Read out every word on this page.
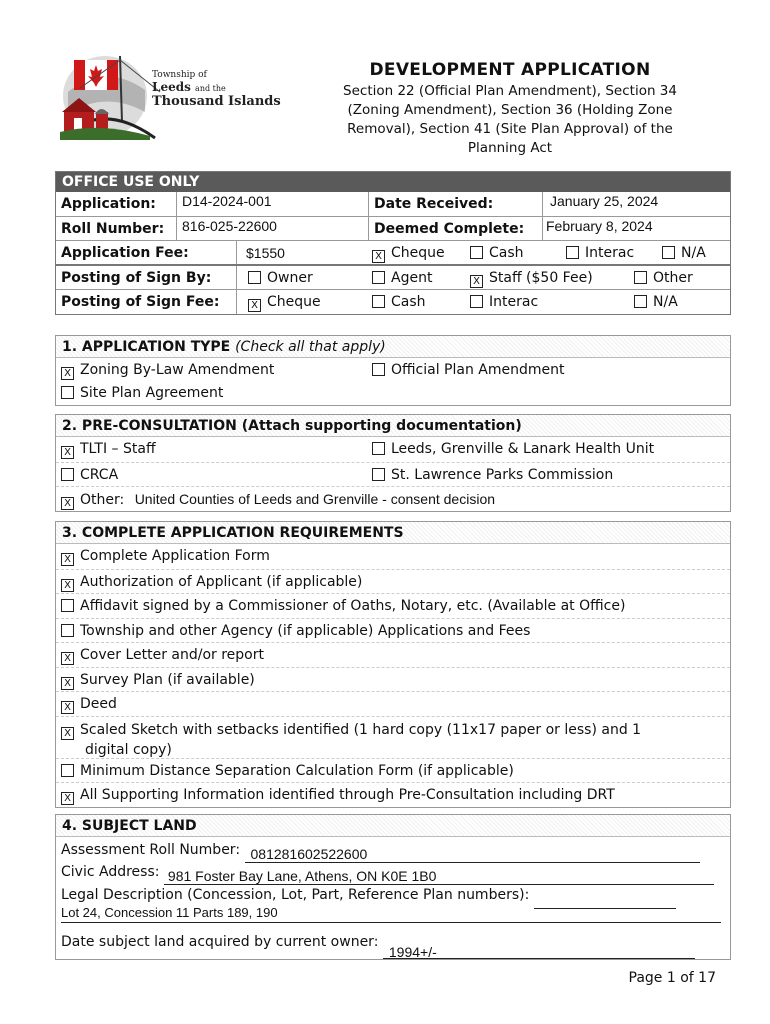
Township of
Leeds and the
Thousand Islands
DEVELOPMENT APPLICATION

Section 22 (Official Plan Amendment), Section 34

(Zoning Amendment), Section 36 (Holding Zone

Removal), Section 41 (Site Plan Approval) of the

Planning Act

OFFICE USE ONLY
Application: D14-2024-001	Date Received:	January 25, 2024
Roll Number: 816-025-22600	Deemed Complete: February 8, 2024
Application Fee:	$1550	X Cheque	Cash	Interac	N/A
Posting of Sign By:	Owner	Agent	X Staff ($50 Fee)	Other
Posting of Sign Fee:	X Cheque	Cash	Interac	N/A
1. APPLICATION TYPE (Check all that apply)
X Zoning By-Law Amendment	Official Plan Amendment
Site Plan Agreement
2. PRE-CONSULTATION (Attach supporting documentation)
X TLTI – Staff	Leeds, Grenville & Lanark Health Unit
CRCA	St. Lawrence Parks Commission
X Other: United Counties of Leeds and Grenville - consent decision
3. COMPLETE APPLICATION REQUIREMENTS
X Complete Application Form
X Authorization of Applicant (if applicable)
Affidavit signed by a Commissioner of Oaths, Notary, etc. (Available at Office)
Township and other Agency (if applicable) Applications and Fees
X Cover Letter and/or report
X Survey Plan (if available)
X Deed
X Scaled Sketch with setbacks identified (1 hard copy (11x17 paper or less) and 1
digital copy)
Minimum Distance Separation Calculation Form (if applicable)
X All Supporting Information identified through Pre-Consultation including DRT
4. SUBJECT LAND
Assessment Roll Number: 081281602522600
Civic Address: 981 Foster Bay Lane, Athens, ON K0E 1B0
Legal Description (Concession, Lot, Part, Reference Plan numbers):
Lot 24, Concession 11 Parts 189, 190
Date subject land acquired by current owner:
1994+/-
Page 1 of 17
